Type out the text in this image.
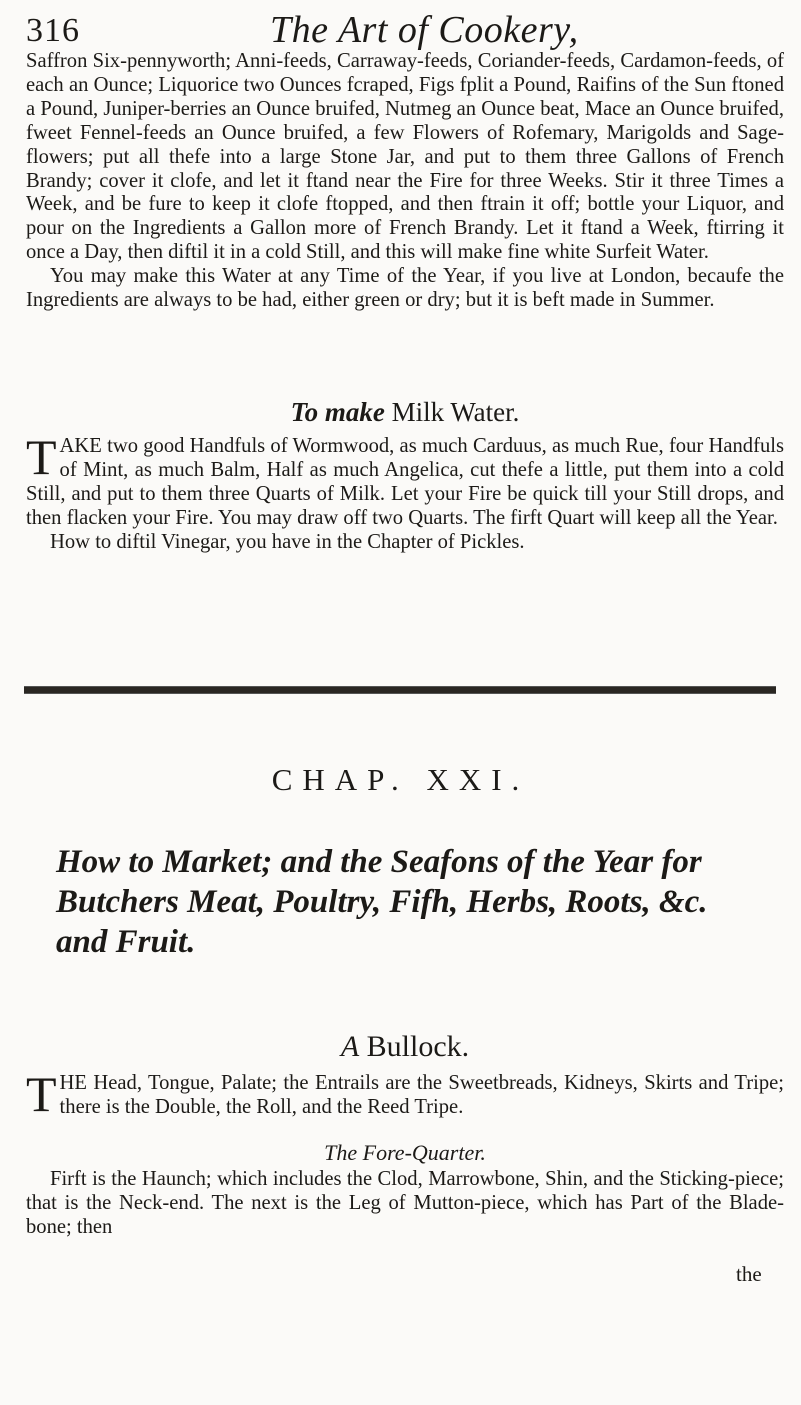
316	The Art of Cookery,

Saffron Six-pennyworth; Anni-feeds, Carraway-feeds, Coriander-feeds, Cardamon-feeds, of each an Ounce; Liquorice two Ounces fcraped, Figs fplit a Pound, Raifins of the Sun ftoned a Pound, Juniper-berries an Ounce bruifed, Nutmeg an Ounce beat, Mace an Ounce bruifed, fweet Fennel-feeds an Ounce bruifed, a few Flowers of Rofemary, Marigolds and Sage-flowers; put all thefe into a large Stone Jar, and put to them three Gallons of French Brandy; cover it clofe, and let it ftand near the Fire for three Weeks. Stir it three Times a Week, and be fure to keep it clofe ftopped, and then ftrain it off; bottle your Liquor, and pour on the Ingredients a Gallon more of French Brandy. Let it ftand a Week, ftirring it once a Day, then diftil it in a cold Still, and this will make fine white Surfeit Water.

You may make this Water at any Time of the Year, if you live at London, becaufe the Ingredients are always to be had, either green or dry; but it is beft made in Summer.

To make Milk Water.

TAKE two good Handfuls of Wormwood, as much Carduus, as much Rue, four Handfuls of Mint, as much Balm, Half as much Angelica, cut thefe a little, put them into a cold Still, and put to them three Quarts of Milk. Let your Fire be quick till your Still drops, and then flacken your Fire. You may draw off two Quarts. The firft Quart will keep all the Year.

How to diftil Vinegar, you have in the Chapter of Pickles.

CHAP. XXI.
How to Market; and the Seafons of the Year for Butchers Meat, Poultry, Fifh, Herbs, Roots, &c. and Fruit.
A Bullock.

THE Head, Tongue, Palate; the Entrails are the Sweetbreads, Kidneys, Skirts and Tripe; there is the Double, the Roll, and the Reed Tripe.

The Fore-Quarter.

Firft is the Haunch; which includes the Clod, Marrowbone, Shin, and the Sticking-piece; that is the Neck-end. The next is the Leg of Mutton-piece, which has Part of the Blade-bone; then

the
